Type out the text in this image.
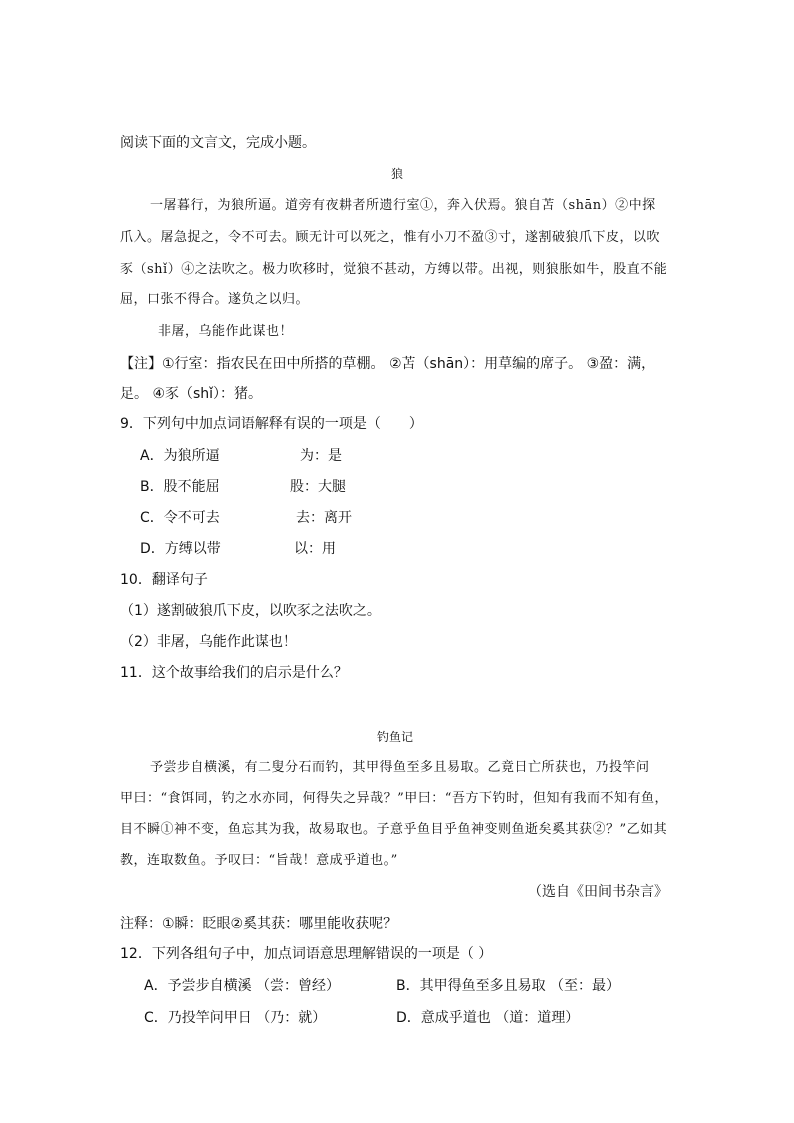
阅读下面的文言文，完成小题。
狼
一屠暮行，为狼所逼。道旁有夜耕者所遗行室①，奔入伏焉。狼自苫（shān）②中探
爪入。屠急捉之，令不可去。顾无计可以死之，惟有小刀不盈③寸，遂割破狼爪下皮，以吹
豕（shǐ）④之法吹之。极力吹移时，觉狼不甚动，方缚以带。出视，则狼胀如牛，股直不能
屈，口张不得合。遂负之以归。
非屠，乌能作此谋也！
【注】①行室：指农民在田中所搭的草棚。 ②苫（shān）：用草编的席子。 ③盈：满，
足。 ④豕（shǐ）：猪。
9．下列句中加点词语解释有误的一项是（　　）
A．为狼所逼	为：是
B．股不能屈	股：大腿
C．令不可去	去：离开
D．方缚以带	以：用
10．翻译句子
（1）遂割破狼爪下皮，以吹豕之法吹之。
（2）非屠，乌能作此谋也！
11．这个故事给我们的启示是什么？
钓鱼记
予尝步自横溪，有二叟分石而钓，其甲得鱼至多且易取。乙竟日亡所获也，乃投竿问
甲曰：“食饵同，钓之水亦同，何得失之异哉？”甲曰：“吾方下钓时，但知有我而不知有鱼，
目不瞬①神不变，鱼忘其为我，故易取也。子意乎鱼目乎鱼神变则鱼逝矣奚其获②？”乙如其
教，连取数鱼。予叹曰：“旨哉！意成乎道也。”
（选自《田间书杂言》
注释：①瞬：眨眼②奚其获：哪里能收获呢？
12．下列各组句子中，加点词语意思理解错误的一项是（ ）
A．予尝步自横溪 （尝：曾经）	B．其甲得鱼至多且易取 （至：最）
C．乃投竿问甲日 （乃：就）	D．意成乎道也 （道：道理）
